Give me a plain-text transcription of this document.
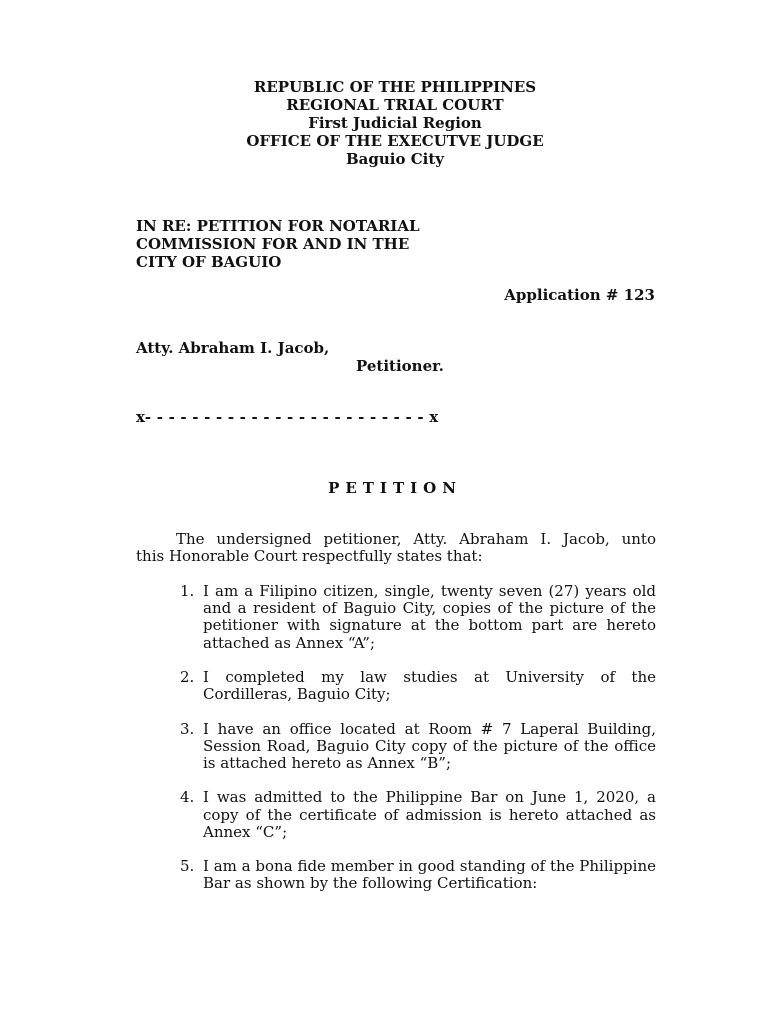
REPUBLIC OF THE PHILIPPINES
REGIONAL TRIAL COURT
First Judicial Region
OFFICE OF THE EXECUTVE JUDGE
Baguio City
IN RE: PETITION FOR NOTARIAL
COMMISSION FOR AND IN THE
CITY OF BAGUIO
Application # 123
Atty. Abraham I. Jacob,
Petitioner.
x- - - - - - - - - - - - - - - - - - - - - - - - x
PETITION
The undersigned petitioner, Atty. Abraham I. Jacob, unto
this Honorable Court respectfully states that:
1. I am a Filipino citizen, single, twenty seven (27) years old and a resident of Baguio City, copies of the picture of the petitioner with signature at the bottom part are hereto attached as Annex “A”;
2. I completed my law studies at University of the Cordilleras, Baguio City;
3. I have an office located at Room # 7 Laperal Building, Session Road, Baguio City copy of the picture of the office is attached hereto as Annex “B”;
4. I was admitted to the Philippine Bar on June 1, 2020, a copy of the certificate of admission is hereto attached as Annex “C”;
5. I am a bona fide member in good standing of the Philippine Bar as shown by the following Certification:
